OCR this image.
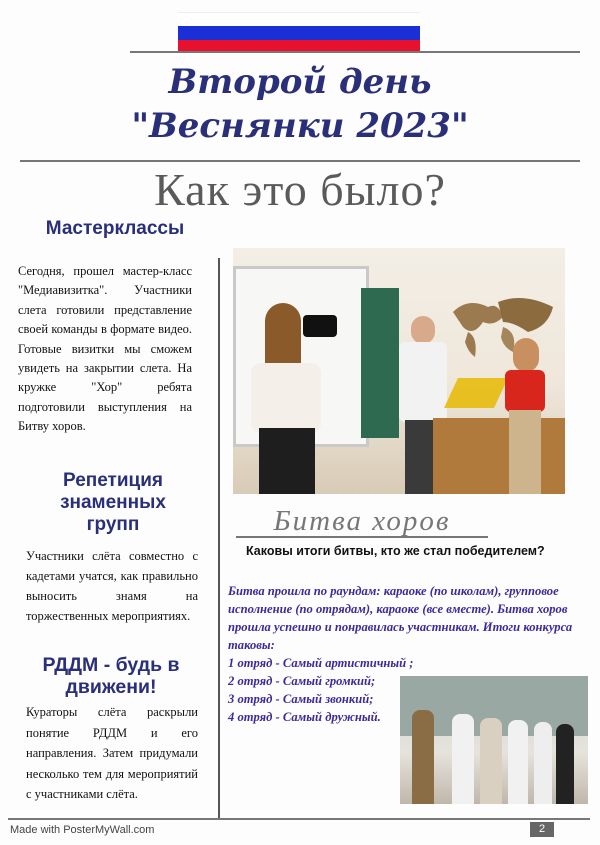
Второй день
"Веснянки 2023"
Как это было?
Мастерклассы
Сегодня, прошел мастер-класс "Медиавизитка". Участники слета готовили представление своей команды в формате видео. Готовые визитки мы сможем увидеть на закрытии слета. На кружке "Хор" ребята подготовили выступления на Битву хоров.
Репетиция
знаменных
групп
Участники слёта совместно с кадетами учатся, как правильно выносить знамя на торжественных мероприятиях.
РДДМ - будь в
движени!
Кураторы слёта раскрыли понятие РДДМ и его направления. Затем придумали несколько тем для мероприятий с участниками слёта.
Битва хоров
Каковы итоги битвы, кто же стал победителем?
Битва прошла по раундам: караоке (по школам), групповое исполнение (по отрядам), караоке (все вместе). Битва хоров прошла успешно и понравилась участникам. Итоги конкурса таковы:
1 отряд - Самый артистичный ;
2 отряд - Самый громкий;
3 отряд - Самый звонкий;
4 отряд - Самый дружный.
Made with PosterMyWall.com	2
